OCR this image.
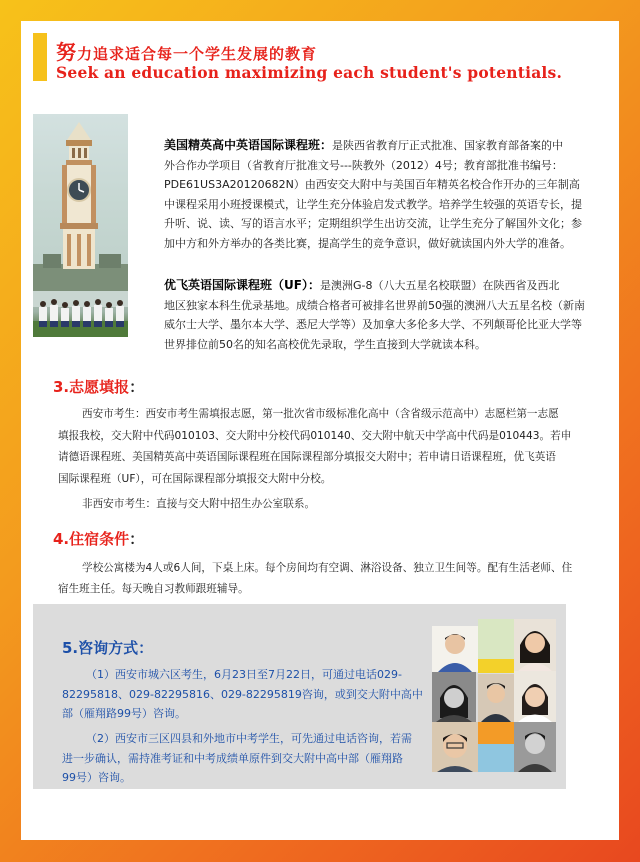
努力追求适合每一个学生发展的教育
Seek an education maximizing each student's potentials.
美国精英高中英语国际课程班：是陕西省教育厅正式批准、国家教育部备案的中
外合作办学项目（省教育厅批准文号---陕教外（2012）4号；教育部批准书编号：
PDE61US3A20120682N）由西安交大附中与美国百年精英名校合作开办的三年制高
中课程采用小班授课模式，让学生充分体验启发式教学。培养学生较强的英语专长，提
升听、说、读、写的语言水平；定期组织学生出访交流，让学生充分了解国外文化；参
加中方和外方举办的各类比赛，提高学生的竞争意识，做好就读国内外大学的准备。
优飞英语国际课程班（UF）：是澳洲G-8（八大五星名校联盟）在陕西省及西北
地区独家本科生优录基地。成绩合格者可被排名世界前50强的澳洲八大五星名校（新南
威尔士大学、墨尔本大学、悉尼大学等）及加拿大多伦多大学、不列颠哥伦比亚大学等
世界排位前50名的知名高校优先录取，学生直接到大学就读本科。
3.志愿填报：
西安市考生：西安市考生需填报志愿，第一批次省市级标准化高中（含省级示范高中）志愿栏第一志愿
填报我校，交大附中代码010103、交大附中分校代码010140、交大附中航天中学高中代码是010443。若申
请德语课程班、美国精英高中英语国际课程班在国际课程部分填报交大附中；若申请日语课程班，优飞英语
国际课程班（UF），可在国际课程部分填报交大附中分校。
非西安市考生：直接与交大附中招生办公室联系。
4.住宿条件：
学校公寓楼为4人或6人间，下桌上床。每个房间均有空调、淋浴设备、独立卫生间等。配有生活老师、住
宿生班主任。每天晚自习教师跟班辅导。
5.咨询方式：
（1）西安市城六区考生，6月23日至7月22日，可通过电话029-
82295818、029-82295816、029-82295819咨询，或到交大附中高中
部（雁翔路99号）咨询。
（2）西安市三区四县和外地市中考学生，可先通过电话咨询，若需
进一步确认，需持准考证和中考成绩单原件到交大附中高中部（雁翔路
99号）咨询。
